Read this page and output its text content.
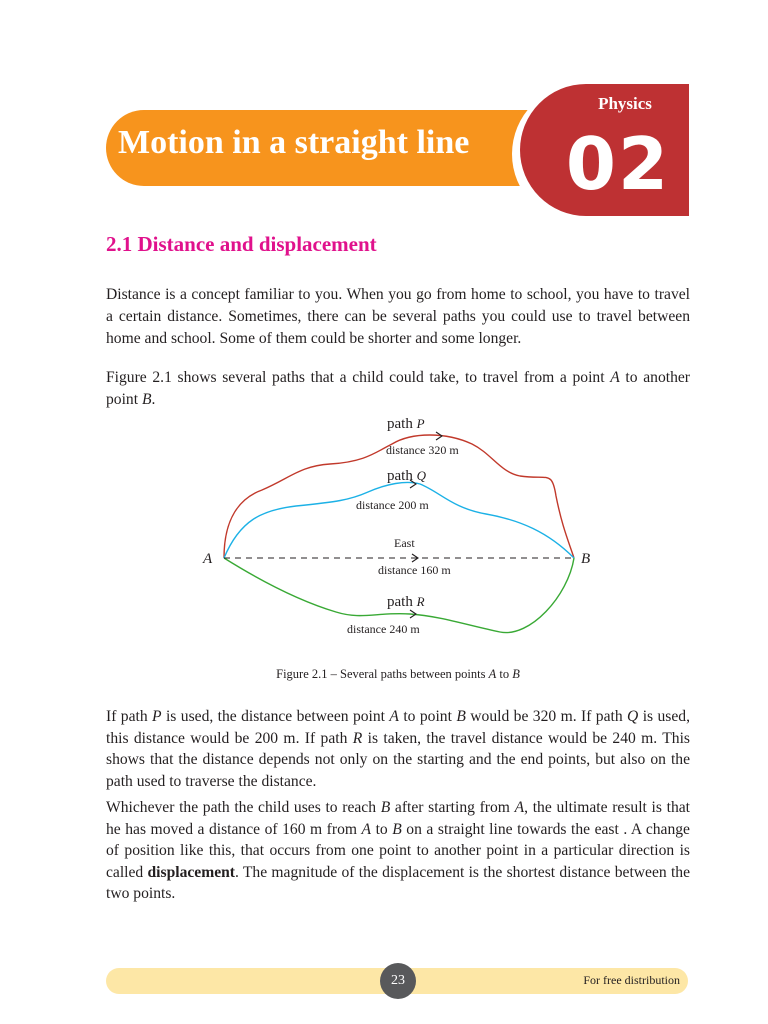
Motion in a straight line
Physics
02
2.1 Distance and displacement

Distance is a concept familiar to you. When you go from home to school, you have to travel a certain distance. Sometimes, there can be several paths you could use to travel between home and school. Some of them could be shorter and some longer.

Figure 2.1 shows several paths that a child could take, to travel from a point A to another point B.

A	B
path P
distance 320 m
path Q
distance 200 m
East
distance 160 m
path R
distance 240 m
Figure 2.1 – Several paths between points A to B

If path P is used, the distance between point A to point B would be 320 m. If path Q is used, this distance would be 200 m. If path R is taken, the travel distance would be 240 m. This shows that the distance depends not only on the starting and the end points, but also on the path used to traverse the distance.

Whichever the path the child uses to reach B after starting from A, the ultimate result is that he has moved a distance of 160 m from A to B on a straight line towards the east . A change of position like this, that occurs from one point to another point in a particular direction is called displacement. The magnitude of the displacement is the shortest distance between the two points.

For free distribution
23
